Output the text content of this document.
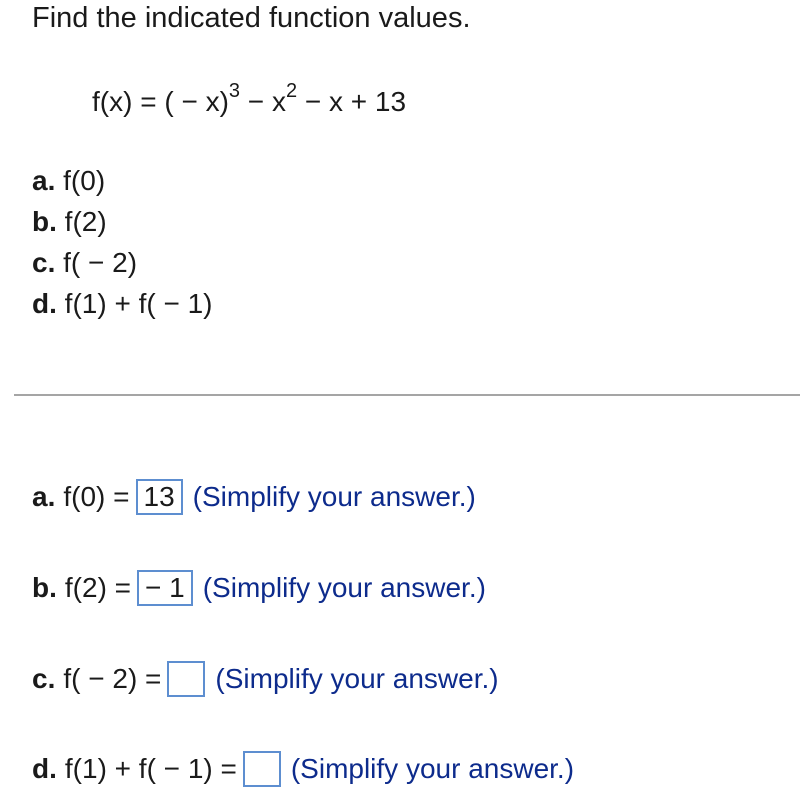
Find the indicated function values.
f(x) = ( − $x)^3 - x^2 - x + 13$
a. f(0)
b. f(2)
c. f( − 2)
d. f(1) + f( − 1)
a. f(0) = 13 (Simplify your answer.)
b. f(2) = − 1 (Simplify your answer.)
c. f( − 2) = (Simplify your answer.)
d. f(1) + f( − 1) = (Simplify your answer.)
